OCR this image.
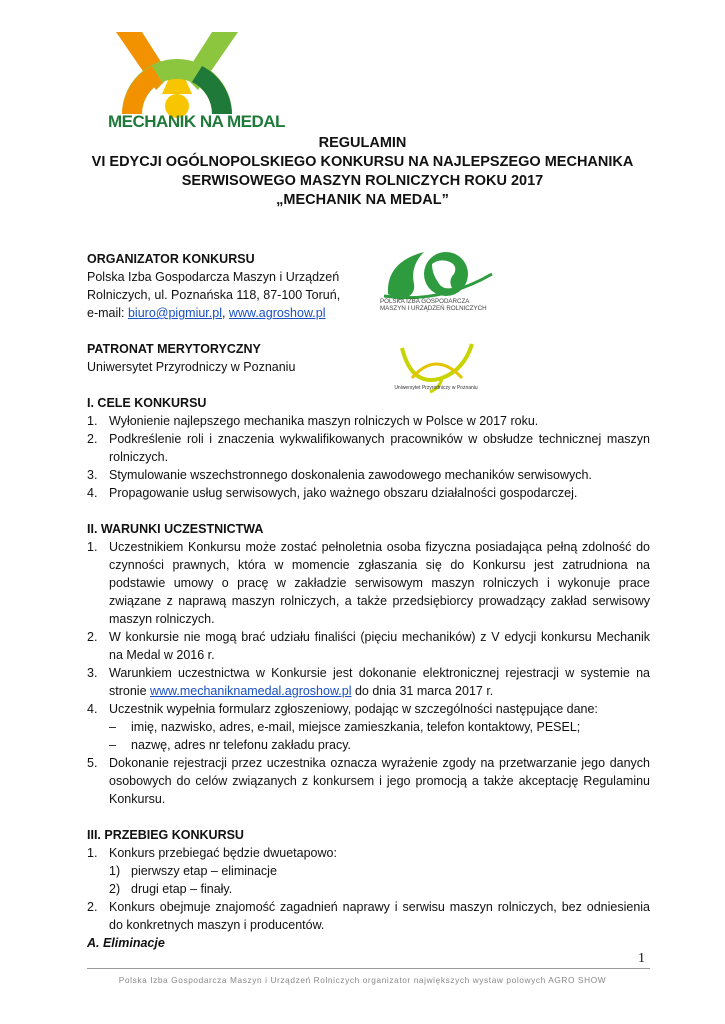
MECHANIK NA MEDAL
REGULAMIN
VI EDYCJI OGÓLNOPOLSKIEGO KONKURSU NA NAJLEPSZEGO MECHANIKA
SERWISOWEGO MASZYN ROLNICZYCH ROKU 2017
„MECHANIK NA MEDAL”
POLSKA IZBA GOSPODARCZA
MASZYN I URZĄDZEŃ ROLNICZYCH
Uniwersytet Przyrodniczy w Poznaniu
ORGANIZATOR KONKURSU
Polska Izba Gospodarcza Maszyn i Urządzeń
Rolniczych, ul. Poznańska 118, 87-100 Toruń,
e-mail: biuro@pigmiur.pl, www.agroshow.pl
PATRONAT MERYTORYCZNY
Uniwersytet Przyrodniczy w Poznaniu
I. CELE KONKURSU
1. Wyłonienie najlepszego mechanika maszyn rolniczych w Polsce w 2017 roku.
2. Podkreślenie roli i znaczenia wykwalifikowanych pracowników w obsłudze technicznej maszyn rolniczych.
3. Stymulowanie wszechstronnego doskonalenia zawodowego mechaników serwisowych.
4. Propagowanie usług serwisowych, jako ważnego obszaru działalności gospodarczej.
II. WARUNKI UCZESTNICTWA
1. Uczestnikiem Konkursu może zostać pełnoletnia osoba fizyczna posiadająca pełną zdolność do czynności prawnych, która w momencie zgłaszania się do Konkursu jest zatrudniona na podstawie umowy o pracę w zakładzie serwisowym maszyn rolniczych i wykonuje prace związane z naprawą maszyn rolniczych, a także przedsiębiorcy prowadzący zakład serwisowy maszyn rolniczych.
2. W konkursie nie mogą brać udziału finaliści (pięciu mechaników) z V edycji konkursu Mechanik na Medal w 2016 r.
3. Warunkiem uczestnictwa w Konkursie jest dokonanie elektronicznej rejestracji w systemie na stronie www.mechaniknamedal.agroshow.pl do dnia 31 marca 2017 r.
4. Uczestnik wypełnia formularz zgłoszeniowy, podając w szczególności następujące dane:
– imię, nazwisko, adres, e-mail, miejsce zamieszkania, telefon kontaktowy, PESEL;
– nazwę, adres nr telefonu zakładu pracy.
5. Dokonanie rejestracji przez uczestnika oznacza wyrażenie zgody na przetwarzanie jego danych osobowych do celów związanych z konkursem i jego promocją a także akceptację Regulaminu Konkursu.
III. PRZEBIEG KONKURSU
1. Konkurs przebiegać będzie dwuetapowo:
1) pierwszy etap – eliminacje
2) drugi etap – finały.
2. Konkurs obejmuje znajomość zagadnień naprawy i serwisu maszyn rolniczych, bez odniesienia do konkretnych maszyn i producentów.
A. Eliminacje
1
Polska Izba Gospodarcza Maszyn i Urządzeń Rolniczych organizator największych wystaw polowych AGRO SHOW
